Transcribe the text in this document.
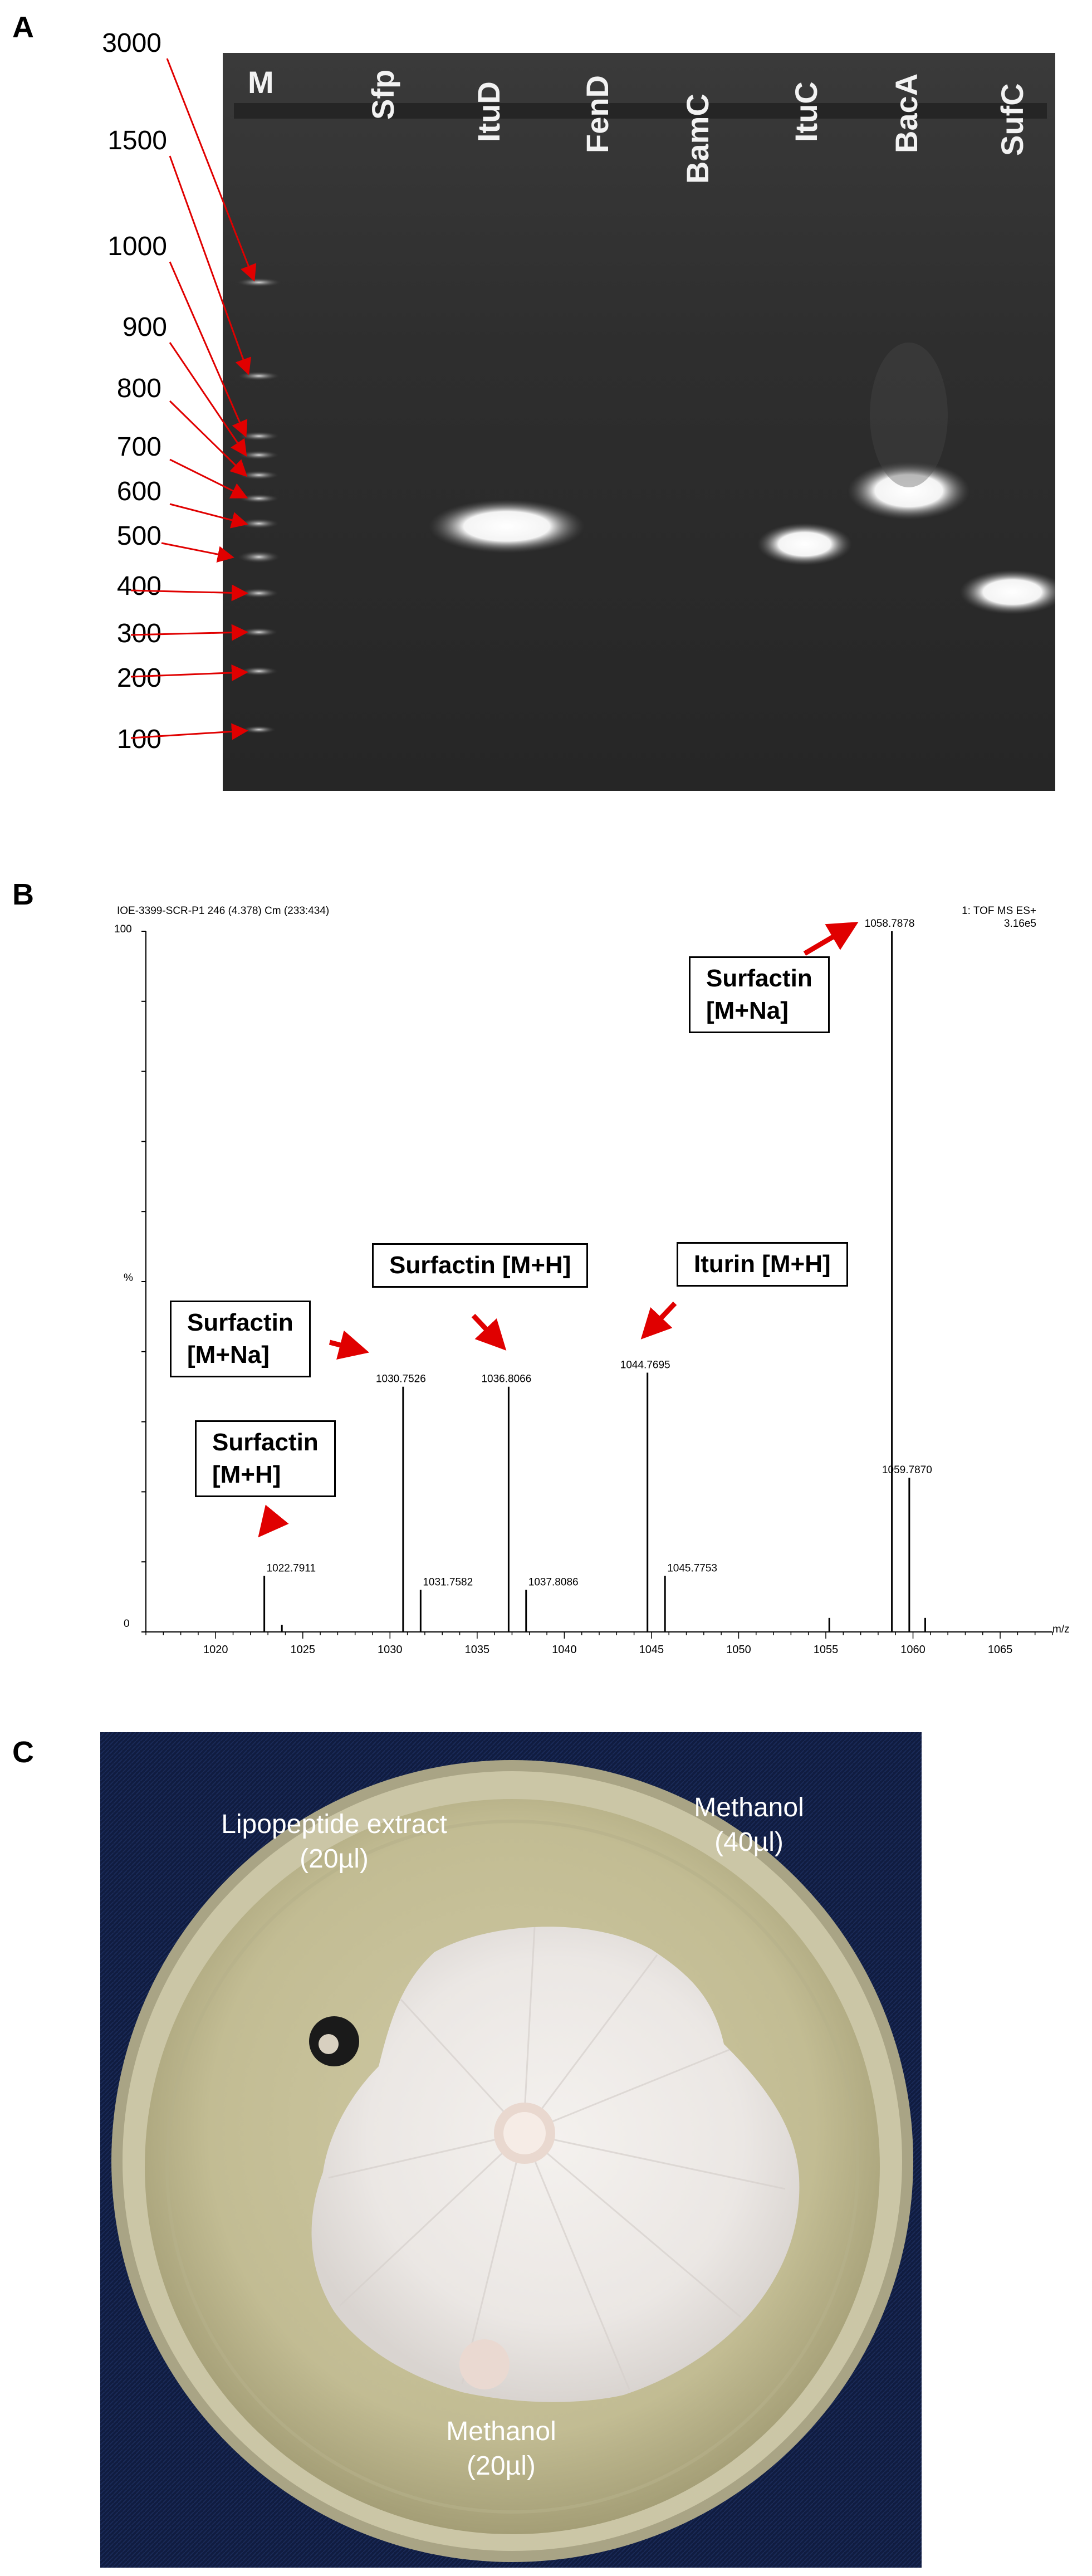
A	3000
1500
1000
900
800
700
600
500
400
300
200
100
M	Sfp ItuD FenD BamC ItuC BacA SufC
B	IOE-3399-SCR-P1 246 (4.378) Cm (233:434)	1: TOF MS ES+
3.16e5
100
%
0	m/z
1020	1025	1030	1035	1040	1045	1050	1055	1060	1065
1022.7911
1030.7526
1031.7582
1036.8066
1037.8086
1044.7695
1045.7753
1058.7878
1059.7870
Surfactin
[M+Na]
Surfactin
[M+Na]
Surfactin [M+H]	Iturin [M+H]
Surfactin
[M+H]
C
Lipopeptide extract
(20µl)
Methanol
(40µl)
Methanol
(20µl)
